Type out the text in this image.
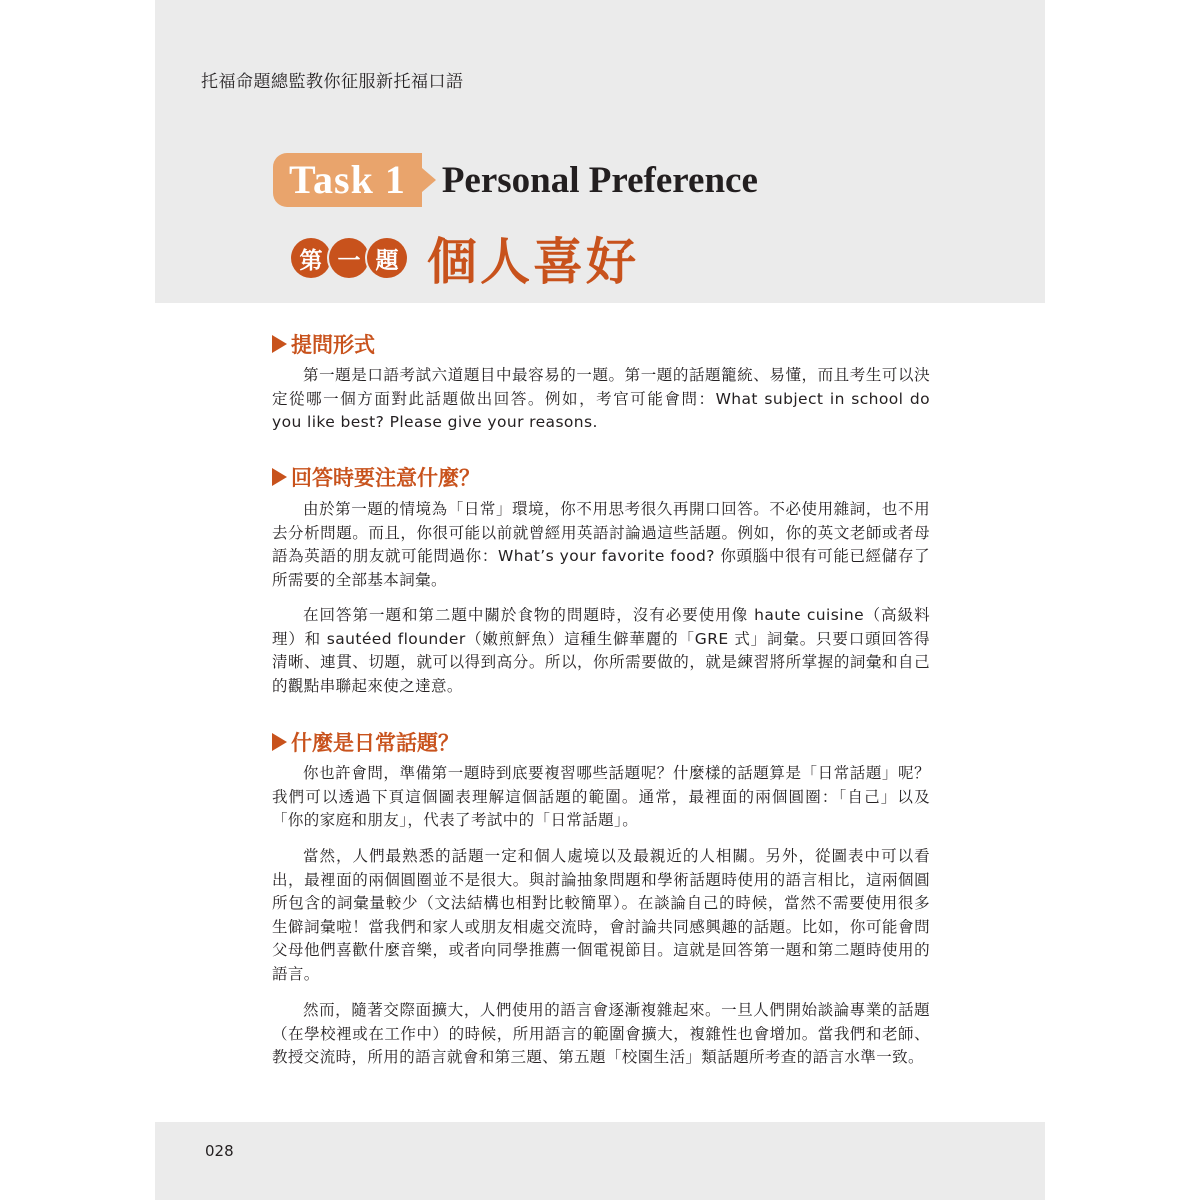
托福命題總監教你征服新托福口語
Task 1 Personal Preference
第 一 題 個人喜好
提問形式
第一題是口語考試六道題目中最容易的一題。第一題的話題籠統、易懂，而且考生可以決定從哪一個方面對此話題做出回答。例如，考官可能會問：What subject in school do you like best? Please give your reasons.
回答時要注意什麼？
由於第一題的情境為「日常」環境，你不用思考很久再開口回答。不必使用雜詞，也不用去分析問題。而且，你很可能以前就曾經用英語討論過這些話題。例如，你的英文老師或者母語為英語的朋友就可能問過你：What’s your favorite food? 你頭腦中很有可能已經儲存了所需要的全部基本詞彙。
在回答第一題和第二題中關於食物的問題時，沒有必要使用像 haute cuisine（高級料理）和 sautéed flounder（嫩煎鮃魚）這種生僻華麗的「GRE 式」詞彙。只要口頭回答得清晰、連貫、切題，就可以得到高分。所以，你所需要做的，就是練習將所掌握的詞彙和自己的觀點串聯起來使之達意。
什麼是日常話題？
你也許會問，準備第一題時到底要複習哪些話題呢？什麼樣的話題算是「日常話題」呢？我們可以透過下頁這個圖表理解這個話題的範圍。通常，最裡面的兩個圓圈：「自己」以及「你的家庭和朋友」，代表了考試中的「日常話題」。
當然，人們最熟悉的話題一定和個人處境以及最親近的人相關。另外，從圖表中可以看出，最裡面的兩個圓圈並不是很大。與討論抽象問題和學術話題時使用的語言相比，這兩個圓所包含的詞彙量較少（文法結構也相對比較簡單）。在談論自己的時候，當然不需要使用很多生僻詞彙啦！當我們和家人或朋友相處交流時，會討論共同感興趣的話題。比如，你可能會問父母他們喜歡什麼音樂，或者向同學推薦一個電視節目。這就是回答第一題和第二題時使用的語言。
然而，隨著交際面擴大，人們使用的語言會逐漸複雜起來。一旦人們開始談論專業的話題（在學校裡或在工作中）的時候，所用語言的範圍會擴大，複雜性也會增加。當我們和老師、教授交流時，所用的語言就會和第三題、第五題「校園生活」類話題所考查的語言水準一致。
028
